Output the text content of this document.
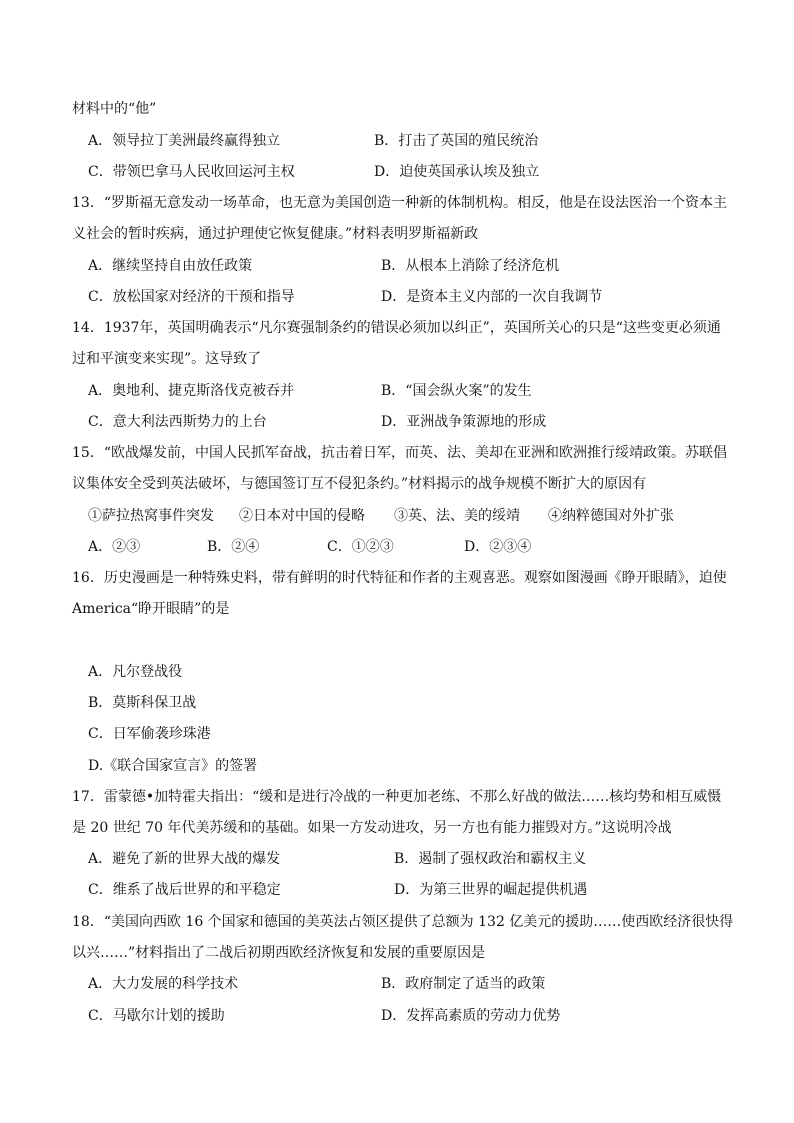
材料中的“他”
A．领导拉丁美洲最终赢得独立	B．打击了英国的殖民统治
C．带领巴拿马人民收回运河主权	D．迫使英国承认埃及独立
13．“罗斯福无意发动一场革命，也无意为美国创造一种新的体制机构。相反，他是在设法医治一个资本主
义社会的暂时疾病，通过护理使它恢复健康。”材料表明罗斯福新政
A．继续坚持自由放任政策	B．从根本上消除了经济危机
C．放松国家对经济的干预和指导	D．是资本主义内部的一次自我调节
14．1937年，英国明确表示“凡尔赛强制条约的错误必须加以纠正”，英国所关心的只是“这些变更必须通
过和平演变来实现”。这导致了
A．奥地利、捷克斯洛伐克被吞并	B．“国会纵火案”的发生
C．意大利法西斯势力的上台	D．亚洲战争策源地的形成
15．“欧战爆发前，中国人民抓军奋战，抗击着日军，而英、法、美却在亚洲和欧洲推行绥靖政策。苏联倡
议集体安全受到英法破坏，与德国签订互不侵犯条约。”材料揭示的战争规模不断扩大的原因有
①萨拉热窝事件突发 ②日本对中国的侵略 ③英、法、美的绥靖 ④纳粹德国对外扩张
A．②③	B．②④	C．①②③	D．②③④
16．历史漫画是一种特殊史料，带有鲜明的时代特征和作者的主观喜恶。观察如图漫画《睁开眼睛》，迫使
America“睁开眼睛”的是
A．凡尔登战役
B．莫斯科保卫战
C．日军偷袭珍珠港
D.《联合国家宣言》的签署
17．雷蒙德•加特霍夫指出：“缓和是进行冷战的一种更加老练、不那么好战的做法……核均势和相互威慑
是 20 世纪 70 年代美苏缓和的基础。如果一方发动进攻，另一方也有能力摧毁对方。”这说明冷战
A．避免了新的世界大战的爆发	B．遏制了强权政治和霸权主义
C．维系了战后世界的和平稳定	D．为第三世界的崛起提供机遇
18．“美国向西欧 16 个国家和德国的美英法占领区提供了总额为 132 亿美元的援助……使西欧经济很快得
以兴……”材料指出了二战后初期西欧经济恢复和发展的重要原因是
A．大力发展的科学技术	B．政府制定了适当的政策
C．马歇尔计划的援助	D．发挥高素质的劳动力优势
